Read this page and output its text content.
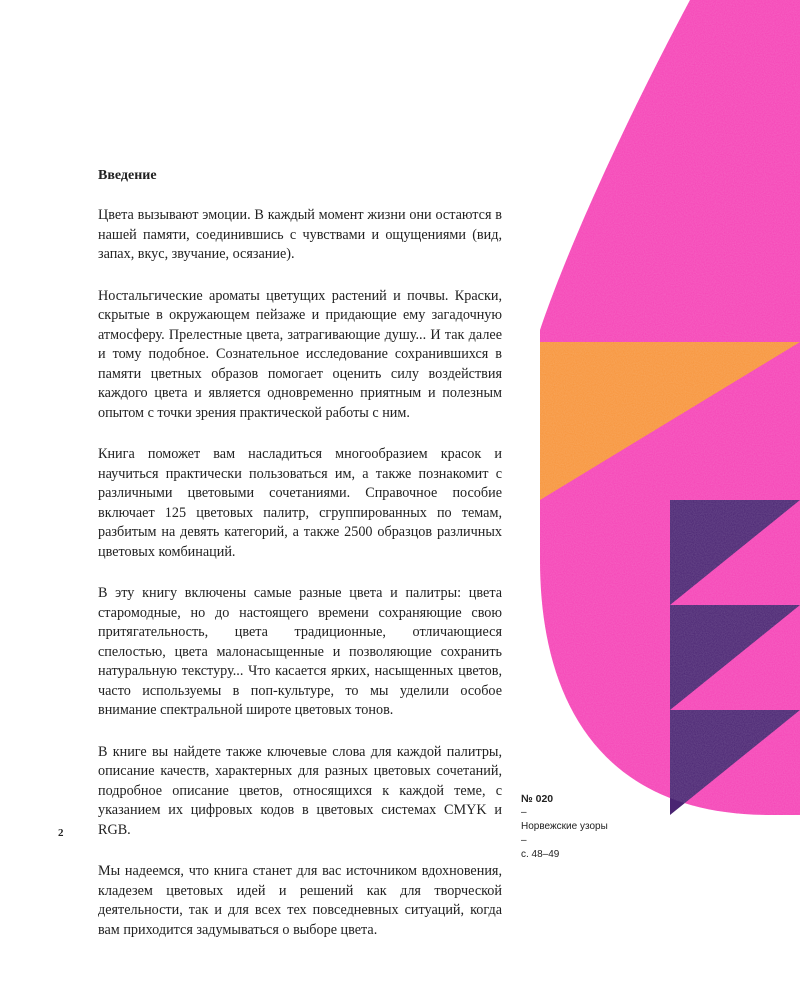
Введение

Цвета вызывают эмоции. В каждый момент жизни они остаются в нашей памяти, соединившись с чувствами и ощущениями (вид, запах, вкус, звучание, осязание).

Ностальгические ароматы цветущих растений и почвы. Краски, скрытые в окружающем пейзаже и придающие ему загадочную атмосферу. Прелестные цвета, затрагивающие душу... И так далее и тому подобное. Сознательное исследование сохранившихся в памяти цветных образов помогает оценить силу воздействия каждого цвета и является одновременно приятным и полезным опытом с точки зрения практической работы с ним.

Книга поможет вам насладиться многообразием красок и научиться практически пользоваться им, а также познакомит с различными цветовыми сочетаниями. Справочное пособие включает 125 цветовых палитр, сгруппированных по темам, разбитым на девять категорий, а также 2500 образцов различных цветовых комбинаций.

В эту книгу включены самые разные цвета и палитры: цвета старомодные, но до настоящего времени сохраняющие свою притягательность, цвета традиционные, отличающиеся спелостью, цвета малонасыщенные и позволяющие сохранить натуральную текстуру... Что касается ярких, насыщенных цветов, часто используемы в поп-культуре, то мы уделили особое внимание спектральной широте цветовых тонов.

В книге вы найдете также ключевые слова для каждой палитры, описание качеств, характерных для разных цветовых сочетаний, подробное описание цветов, относящихся к каждой теме, с указанием их цифровых кодов в цветовых системах CMYK и RGB.

Мы надеемся, что книга станет для вас источником вдохновения, кладезем цветовых идей и решений как для творческой деятельности, так и для всех тех повседневных ситуаций, когда вам приходится задумываться о выборе цвета.

2
№ 020
–
Норвежские узоры
–
с. 48–49
